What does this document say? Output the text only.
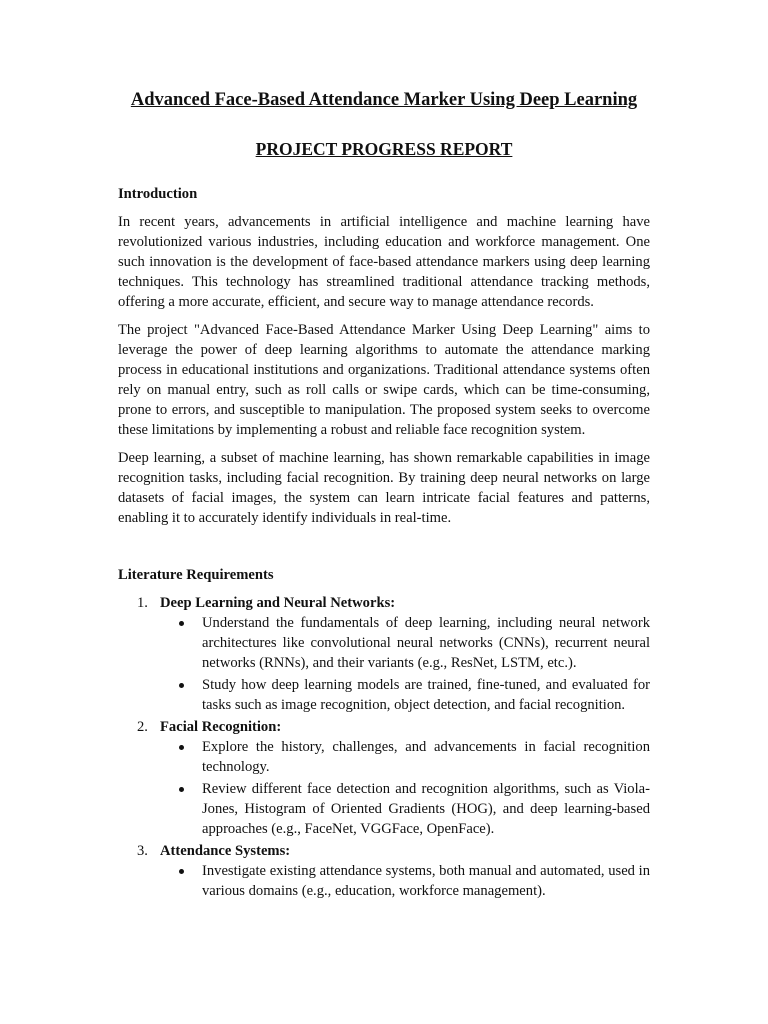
Advanced Face-Based Attendance Marker Using Deep Learning
PROJECT PROGRESS REPORT
Introduction

In recent years, advancements in artificial intelligence and machine learning have revolutionized various industries, including education and workforce management. One such innovation is the development of face-based attendance markers using deep learning techniques. This technology has streamlined traditional attendance tracking methods, offering a more accurate, efficient, and secure way to manage attendance records.

The project "Advanced Face-Based Attendance Marker Using Deep Learning" aims to leverage the power of deep learning algorithms to automate the attendance marking process in educational institutions and organizations. Traditional attendance systems often rely on manual entry, such as roll calls or swipe cards, which can be time-consuming, prone to errors, and susceptible to manipulation. The proposed system seeks to overcome these limitations by implementing a robust and reliable face recognition system.

Deep learning, a subset of machine learning, has shown remarkable capabilities in image recognition tasks, including facial recognition. By training deep neural networks on large datasets of facial images, the system can learn intricate facial features and patterns, enabling it to accurately identify individuals in real-time.

Literature Requirements
1. Deep Learning and Neural Networks:
Understand the fundamentals of deep learning, including neural network architectures like convolutional neural networks (CNNs), recurrent neural networks (RNNs), and their variants (e.g., ResNet, LSTM, etc.).
Study how deep learning models are trained, fine-tuned, and evaluated for tasks such as image recognition, object detection, and facial recognition.
2. Facial Recognition:
Explore the history, challenges, and advancements in facial recognition technology.
Review different face detection and recognition algorithms, such as Viola-Jones, Histogram of Oriented Gradients (HOG), and deep learning-based approaches (e.g., FaceNet, VGGFace, OpenFace).
3. Attendance Systems:
Investigate existing attendance systems, both manual and automated, used in various domains (e.g., education, workforce management).
